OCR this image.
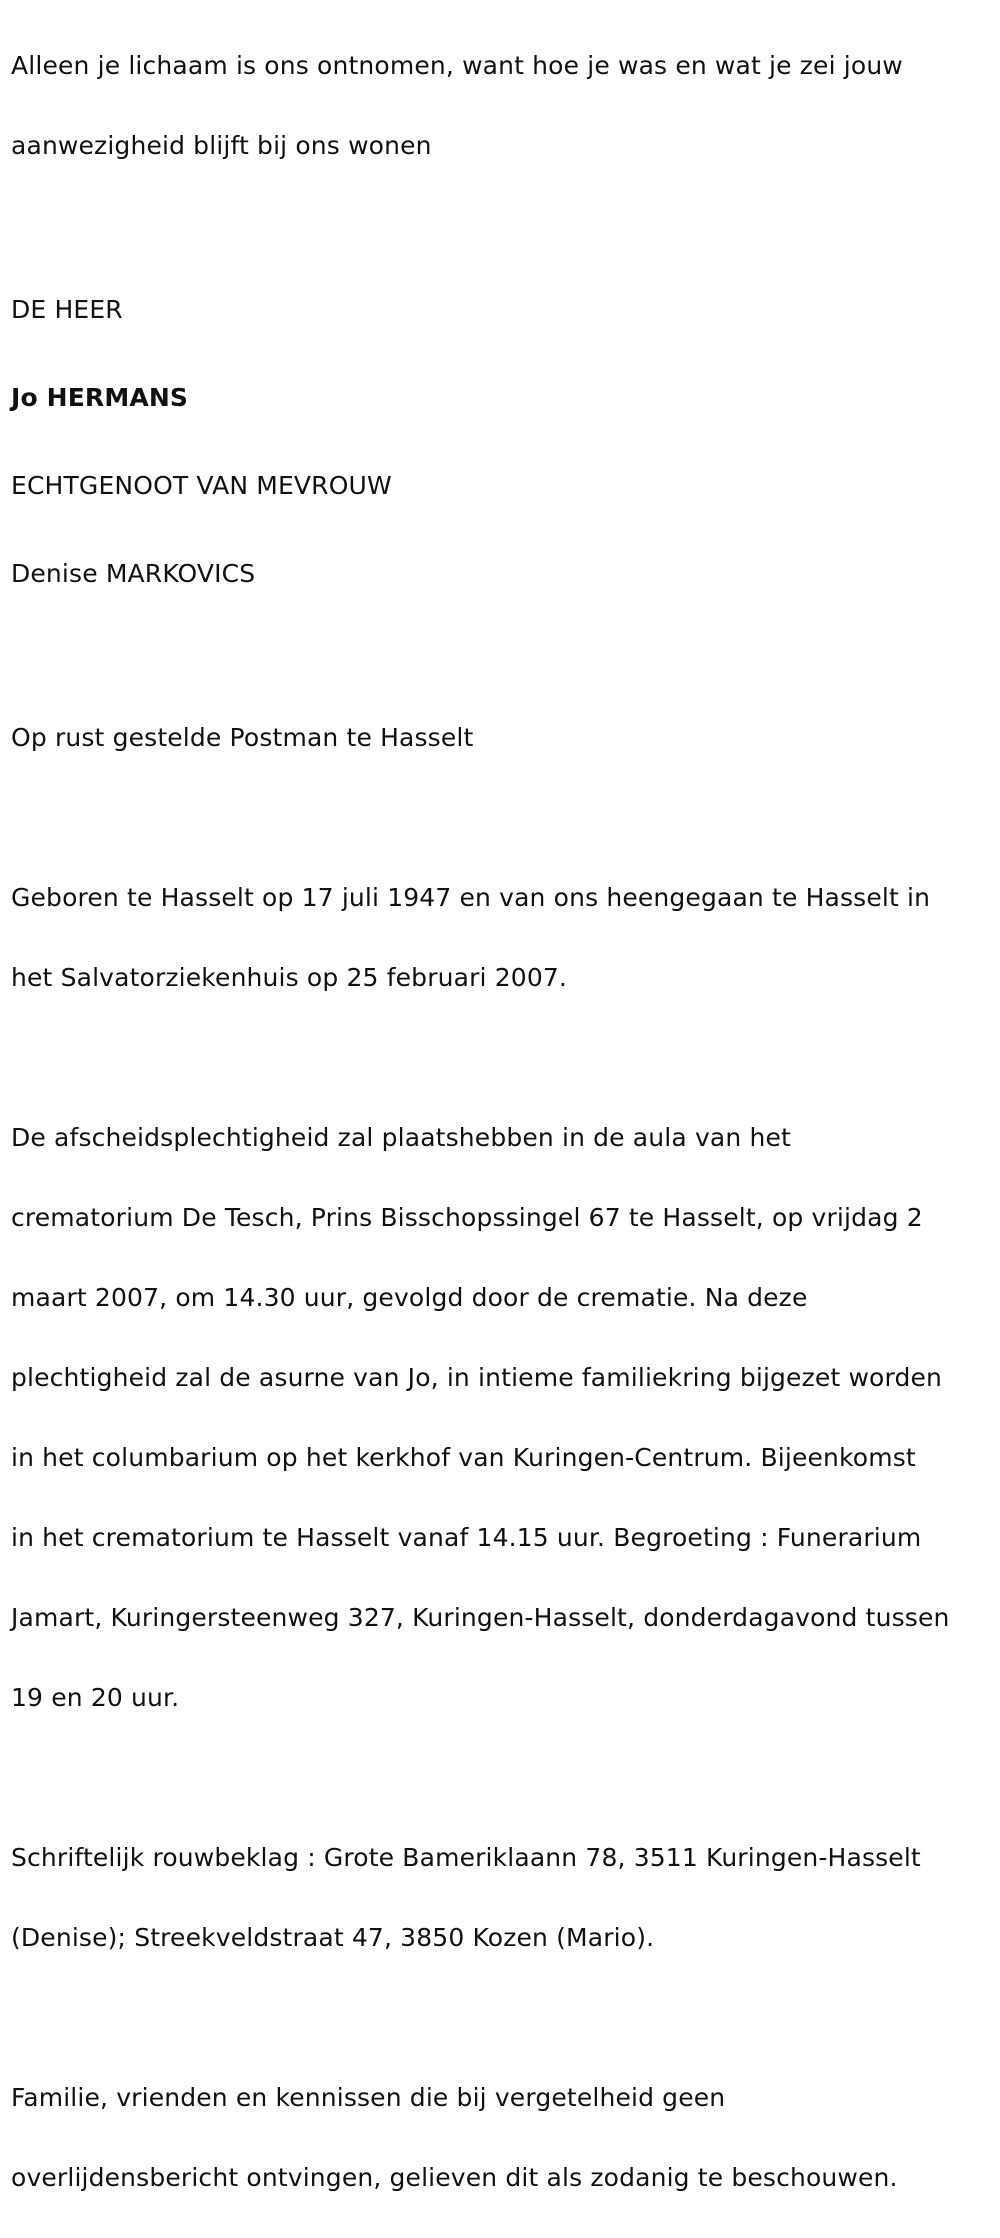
Alleen je lichaam is ons ontnomen, want hoe je was en wat je zei jouw

aanwezigheid blijft bij ons wonen

DE HEER

Jo HERMANS

ECHTGENOOT VAN MEVROUW

Denise MARKOVICS

Op rust gestelde Postman te Hasselt

Geboren te Hasselt op 17 juli 1947 en van ons heengegaan te Hasselt in

het Salvatorziekenhuis op 25 februari 2007.

De afscheidsplechtigheid zal plaatshebben in de aula van het

crematorium De Tesch, Prins Bisschopssingel 67 te Hasselt, op vrijdag 2

maart 2007, om 14.30 uur, gevolgd door de crematie. Na deze

plechtigheid zal de asurne van Jo, in intieme familiekring bijgezet worden

in het columbarium op het kerkhof van Kuringen-Centrum. Bijeenkomst

in het crematorium te Hasselt vanaf 14.15 uur. Begroeting : Funerarium

Jamart, Kuringersteenweg 327, Kuringen-Hasselt, donderdagavond tussen

19 en 20 uur.

Schriftelijk rouwbeklag : Grote Bameriklaann 78, 3511 Kuringen-Hasselt

(Denise); Streekveldstraat 47, 3850 Kozen (Mario).

Familie, vrienden en kennissen die bij vergetelheid geen

overlijdensbericht ontvingen, gelieven dit als zodanig te beschouwen.
